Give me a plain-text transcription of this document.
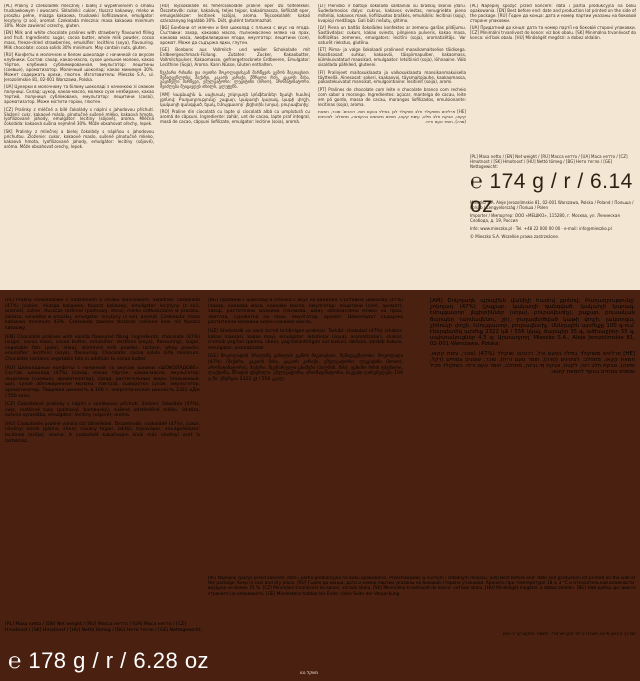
[PL] Praliny z czekoladek mlecznej i białej z wypełnieniem o smaku truskawkowym i owocami. Składniki: cukier, tłuszcz kakaowy, mleko w proszku pełne, miazga kakaowa, truskawki liofilizowane, emulgator: lecytyny (z soi), aromat. Czekolada mleczna: masa kakaowa minimum 30%. Może zawierać orzechy, gluten.

[EN] Milk and white chocolate pralines with strawberry flavoured filling and fruit. Ingredients: sugar, cocoa butter, whole milk powder, cocoa mass, freeze-dried strawberries, emulsifier: lecithins (soya), flavouring. Milk chocolate: cocoa solids 30% minimum. May contain nuts, gluten.

[RU] Конфеты в молочном и белом шоколаде с начинкой со вкусом клубники. Состав: сахар, какао-масло, сухое цельное молоко, какао тёртое, клубника сублимированная, эмульгатор: лецитины (соевые), ароматизатор. Молочный шоколад: какао минимум 30%. Может содержать орехи, глютен. Изготовитель: Mieszko S.A., ul. Jerozolimskie 81, 02-001 Warszawa, Polska.

[UA] Цукерки в молочному та білому шоколаді з начинкою зі смаком полуниці. Склад: цукор, какао-масло, молоко сухе незбиране, какао тертий, полуниця сублімована, емульгатор: лецитини (соєві), ароматизатор. Може містити горіхи, глютен.

[CZ] Pralinky z mléčné a bílé čokolády s náplní s jahodovou příchutí. Složení: cukr, kakaové máslo, plnotučné sušené mléko, kakaová hmota, lyofilizované jahody, emulgátor: lecitiny (sójové), aroma. Mléčná čokoláda: kakaová sušina nejméně 30%. Může obsahovat ořechy, lepek.

[SK] Pralinky z mliečnej a bielej čokolády s náplňou s jahodovou príchuťou. Zloženie: cukor, kakaové maslo, sušené plnotučné mlieko, kakaová hmota, lyofilizované jahody, emulgátor: lecitíny (sójové), aróma. Môže obsahovať orechy, lepok.

[HU] Tejcsokoládé és fehércsokoládé praliné eper ízű töltelékkel. Összetevők: cukor, kakaóvaj, teljes tejpor, kakaómassza, liofilizált eper, emulgeálószer: lecitinek (szója), aroma. Tejcsokoládé: kakaó szárazanyag legalább 30%. Diót, glutént tartalmazhat.

[BG] Бонбони от млечен и бял шоколад с плънка с вкус на ягода. Съставки: захар, какаово масло, пълномаслено мляко на прах, какаова маса, лиофилизирани ягоди, емулгатор: лецитини (соя), аромат. Може да съдържа ядки, глутен.

[GE] Bonbons aus Vollmilch- und weißer Schokolade mit Erdbeergeschmack-Füllung. Zutaten: Zucker, Kakaobutter, Vollmilchpulver, Kakaomasse, gefriergetrocknete Erdbeeren, Emulgator: Lecithine (Soja), Aroma. Kann Nüsse, Gluten enthalten.

ნუგბარი რძიანი და თეთრი შოკოლადისგან მარწყვის გემოს შიგთავსით. შემადგენლობა: შაქარი, კაკაოს კარაქი, მშრალი რძე, კაკაოს მასა, გაყინული მარწყვი, ემულგატორი: ლეციტინი (სოიო), არომატიზატორი. შეიძლება შეიცავდეს თხილს, გლუტენს.

[AM] Կաթնային և սպիտակ շոկոլադե կոնֆետներ ելակի համով լցոնով: Բաղադրությունը՝ շաքար, կակաոյի կարագ, կաթի փոշի, կակաոյի զանգված, ելակ, էմուլգատոր՝ լեցիտին (սոյա), բուրավետիչ:

[RO] Praline din ciocolată cu lapte și ciocolată albă cu umplutură cu aromă de căpșuni. Ingrediente: zahăr, unt de cacao, lapte praf integral, masă de cacao, căpșuni liofilizate, emulgator: lecitine (soia), aromă.

[LT] Pieniško ir baltojo šokolado saldainiai su braškių skonio įdaru. Sudedamosios dalys: cukrus, kakavos sviestas, nenugriebto pieno milteliai, kakavos masė, liofilizuotos braškės, emulsiklis: lecitinai (sojų), kvapioji medžiaga. Gali būti riešutų, glitimo.

[LV] Piena un baltās šokolādes konfektes ar zemeņu garšas pildījumu. Sastāvdaļas: cukurs, kakao sviests, pilnpiena pulveris, kakao masa, liofilizētas zemenes, emulgators: lecitīni (soja), aromatizētājs. Var saturēt riekstus, glutēnu.

[ET] Piima- ja valge šokolaadi pralineed maasikamaitselise täidisega. Koostisosad: suhkur, kakaovõi, täispiimapulber, kakaomass, külmkuivatatud maasikad, emulgaator: letsitiinid (soja), lõhnaaine. Võib sisaldada pähkleid, gluteeni.

[FI] Pralinjeet maitosuklaasta ja valkosuklaasta mansikanmakuisella täytteellä. Ainesosat: sokeri, kaakaovoi, täysmaitojauhe, kaakaomassa, pakastekuivatut mansikat, emulgointiaine: lesitiinit (soija), aromi.

[PT] Pralines de chocolate com leite e chocolate branco com recheio com sabor a morango. Ingredientes: açúcar, manteiga de cacau, leite em pó gordo, massa de cacau, morangos liofilizados, emulsionante: lecitinas (soja), aroma.

[HE] פרלינים משוקולד חלב ושוקולד לבן במילוי בטעם תות. רכיבים: סוכר, חמאת קקאו, אבקת חלב מלא, עיסת קקאו, תותים מיובשים בהקפאה, מתחלב: לציטינים (סויה), חומר טעם וריח.

[PL] Najlepiej spożyć przed końcem: data i partia produkcyjna na boku opakowania. [EN] Best before end: date and production lot printed on the side of the package. [RU] Годен до конца: дата и номер партии указаны на боковой стороне упаковки.

[UA] Придатний до кінця: дата та номер партії на боковій стороні упаковки. [CZ] Minimální trvanlivost do konce: viz bok obalu. [SK] Minimálna trvanlivosť do konca: viď bok obalu. [HU] Minőségét megőrzi: a doboz oldalán.

[PL] Masa netto / [EN] Net weight / [RU] Масса нетто / [UA] Маса нетто / [CZ] Hmotnost / [SK] Hmotnosť / [HU] Nettó tömeg / [BG] Нето тегло / [GE] Nettogewicht:
℮ 174 g / r / 6.14 oz

Mieszko S.A. Aleje Jerozolimskie 81, 02-001 Warszawa, Polska / Poland / Польша / Polsko / Lengyelország / Полша / Polen

Importer / Импортер: ООО «МЕШКО», 115280, г. Москва, ул. Ленинская Слобода, д. 19, Россия

Info: www.mieszko.pl · Tel. +48 22 000 00 00 · e-mail: info@mieszko.pl

© Mieszko S.A. Wszelkie prawa zastrzeżone.

[PL] Praliny czekoladowe z nadzieniem o smaku waniliowym. Składniki: czekolada (47%) (cukier, miazga kakaowa, tłuszcz kakaowy, emulgator: lecytyny (z soi), aromat), cukier, tłuszcze roślinne (palmowy, shea), mleko odtłuszczone w proszku, laktoza, serwatka w proszku, emulgator: lecytyny (z soi), aromat. Czekolada: masa kakaowa minimum 43%. Czekolada zawiera tłuszcze roślinne inne niż tłuszcz kakaowy.

[EN] Chocolate pralines with vanilla flavoured filling. Ingredients: chocolate (47%) (sugar, cocoa mass, cocoa butter, emulsifier: lecithins (soya), flavouring), sugar, vegetable fats (palm, shea), skimmed milk powder, lactose, whey powder, emulsifier: lecithins (soya), flavouring. Chocolate: cocoa solids 43% minimum. Chocolate contains vegetable fats in addition to cocoa butter.

[RU] Шоколадные конфеты с начинкой со вкусом ванили «ШОКОЛАДОВЕ». Состав: шоколад (47%) (сахар, какао тёртое, какао-масло, эмульгатор: лецитины (соевые), ароматизатор), сахар, растительные жиры (пальмовый, ши), сухое обезжиренное молоко, лактоза, сыворотка сухая, эмульгатор, ароматизатор. Пищевая ценность в 100 г: энергетическая ценность 2322 кДж / 556 ккал.

[CZ] Čokoládové pralinky s náplní s vanilkovou příchutí. Složení: čokoláda (47%), cukr, rostlinné tuky (palmový, bambucký), sušené odstředěné mléko, laktóza, sušená syrovátka, emulgátor: lecitiny (sójové), aroma.

[HU] Csokoládés praliné vanília ízű töltelékkel. Összetevők: csokoládé (47%), cukor, növényi zsírok (pálma, shea), sovány tejpor, laktóz, tejsavópor, emulgeálószer: lecitinek (szója), aroma. A csokoládé kakaóvajon kívül más növényi zsírt is tartalmaz.

[BG] Пралини с шоколад и плънка с вкус на ванилия. Съставки: шоколад (47%) (захар, какаова маса, какаово масло, емулгатор: лецитини (соя), аромат), захар, растителни мазнини (палмова, шеа), обезмаслено мляко на прах, лактоза, суроватка на прах, емулгатор, аромат. Шоколадът съдържа растителни мазнини освен какаово масло.

[UZ] Shokoladli va vanil ta'mli to'ldirilgan pralinlar. Tarkibi: shokolad (47%) (shakar, kakao massasi, kakao moyi, emulgator: letsitinlar (soya), aromatizator), shakar, o'simlik yog'lari (palma, shea), yog'sizlantirilgan sut kukuni, laktoza, zardob kukuni, emulgator, aromatizator.

[GE] შოკოლადის პრალინე ვანილის გემოს შიგთავსით. შემადგენლობა: შოკოლადი (47%) (შაქარი, კაკაოს მასა, კაკაოს კარაქი, ემულგატორი: ლეციტინი (სოიო), არომატიზატორი), შაქარი, მცენარეული ცხიმები (პალმის, შის), უცხიმო რძის ფხვნილი, ლაქტოზა, შრატის ფხვნილი, ემულგატორი, არომატიზატორი. საკვები ღირებულება 100 გ-ში: ენერგია 2322 კჯ / 556 კკალ.

[AM] Շոկոլադե պրալինե վանիլի համով լցոնով: Բաղադրությունը՝ շոկոլադ (47%) (շաքար, կակաոյի զանգված, կակաոյի կարագ, էմուլգատոր՝ լեցիտիններ (սոյա), բուրավետիչ), շաքար, բուսական ճարպեր (արմավենու, շի), յուղազերծված կաթի փոշի, լակտոզա, շիճուկի փոշի, էմուլգատոր, բուրավետիչ: Սննդային արժեքը 100 գ-ում՝ էներգետիկ արժեք 2322 կՋ / 556 կկալ, ճարպեր 35 գ, ածխաջրեր 55 գ, սպիտակուցներ 4,5 գ: Արտադրող՝ Mieszko S.A., Aleje Jerozolimskie 81, 02-001 Warszawa, Polska:

[HE] פרלינים משוקולד במילוי בטעם וניל. רכיבים: שוקולד (47%) (סוכר, עיסת קקאו, חמאת קקאו, מתחלב: לציטינים (סויה), חומר טעם וריח), סוכר, שומנים צמחיים (דקל, שיאה), אבקת חלב רזה, לקטוז, אבקת מי גבינה, מתחלב, חומר טעם וריח. השוקולד מכיל שומנים צמחיים בנוסף לחמאת קקאו.

[PL] Najlepiej spożyć przed końcem: data i partia produkcyjna na boku opakowania. Przechowywać w suchym i chłodnym miejscu. [EN] Best before end: date and production lot printed on the side of the package. Keep in cool and dry place. [RU] Годен до конца: дата и номер партии указаны на боковой стороне упаковки. Хранить при температуре 18 ± 3 °C и относительной влажности воздуха не более 75 %. [CZ] Minimální trvanlivost do konce: viz bok obalu. [SK] Minimálna trvanlivosť do konca: viď bok obalu. [HU] Minőségét megőrzi: a doboz oldalán. [BG] Най-добър до: вижте страната на опаковката. [GE] Mindestens haltbar bis Ende: siehe Seite der Verpackung.
[PL] Masa netto / [EN] Net weight / [RU] Масса нетто / [UA] Маса нетто / [CZ] Hmotnost / [SK] Hmotnosť / [HU] Nettó tömeg / [BG] Нето тегло / [GE] Nettogewicht:
℮ 178 g / r / 6.28 oz
לצרכן: היבואן מייבא תוצרת זו לפי תקן ישראלי · לשמור במקום קריר ויבש
משקל נטו
